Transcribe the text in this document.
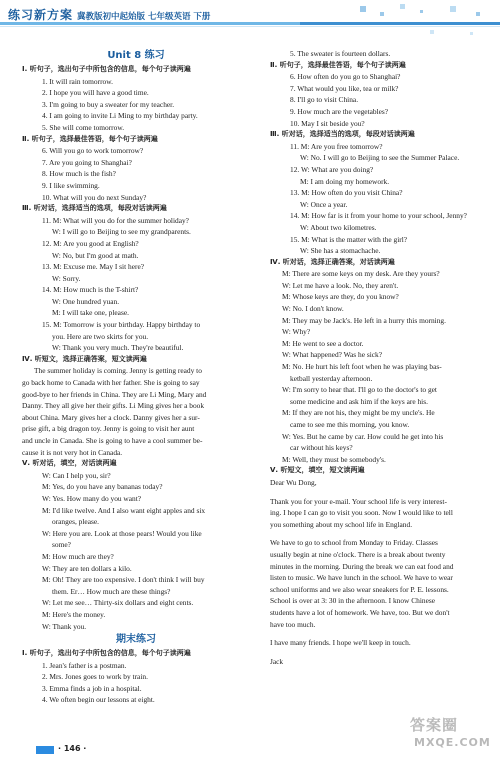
练习新方案 冀教版初中起始版 七年级英语 下册
Unit 8 练习
Ⅰ. 听句子，选出句子中所包含的信息，每个句子读两遍
1. It will rain tomorrow.
2. I hope you will have a good time.
3. I'm going to buy a sweater for my teacher.
4. I am going to invite Li Ming to my birthday party.
5. She will come tomorrow.
Ⅱ. 听句子，选择最佳答语，每个句子读两遍
6. Will you go to work tomorrow?
7. Are you going to Shanghai?
8. How much is the fish?
9. I like swimming.
10. What will you do next Sunday?
Ⅲ. 听对话，选择适当的选项，每段对话读两遍
11. M: What will you do for the summer holiday?
W: I will go to Beijing to see my grandparents.
12. M: Are you good at English?
W: No, but I'm good at math.
13. M: Excuse me. May I sit here?
W: Sorry.
14. M: How much is the T-shirt?
W: One hundred yuan.
M: I will take one, please.
15. M: Tomorrow is your birthday. Happy birthday to
you. Here are two skirts for you.
W: Thank you very much. They're beautiful.
Ⅳ. 听短文，选择正确答案，短文读两遍
The summer holiday is coming. Jenny is getting ready to
go back home to Canada with her father. She is going to say
good-bye to her friends in China. They are Li Ming, Mary and
Danny. They all give her their gifts. Li Ming gives her a book
about China. Mary gives her a clock. Danny gives her a sur-
prise gift, a big dragon toy. Jenny is going to visit her aunt
and uncle in Canada. She is going to have a cool summer be-
cause it is not very hot in Canada.
Ⅴ. 听对话，填空，对话读两遍
W: Can I help you, sir?
M: Yes, do you have any bananas today?
W: Yes. How many do you want?
M: I'd like twelve. And I also want eight apples and six
oranges, please.
W: Here you are. Look at those pears! Would you like
some?
M: How much are they?
W: They are ten dollars a kilo.
M: Oh! They are too expensive. I don't think I will buy
them. Er… How much are these things?
W: Let me see… Thirty-six dollars and eight cents.
M: Here's the money.
W: Thank you.
期末练习
Ⅰ. 听句子，选出句子中所包含的信息，每个句子读两遍
1. Jean's father is a postman.
2. Mrs. Jones goes to work by train.
3. Emma finds a job in a hospital.
4. We often begin our lessons at eight.
5. The sweater is fourteen dollars.
Ⅱ. 听句子，选择最佳答语，每个句子读两遍
6. How often do you go to Shanghai?
7. What would you like, tea or milk?
8. I'll go to visit China.
9. How much are the vegetables?
10. May I sit beside you?
Ⅲ. 听对话，选择适当的选项，每段对话读两遍
11. M: Are you free tomorrow?
W: No. I will go to Beijing to see the Summer Palace.
12. W: What are you doing?
M: I am doing my homework.
13. M: How often do you visit China?
W: Once a year.
14. M: How far is it from your home to your school, Jenny?
W: About two kilometres.
15. M: What is the matter with the girl?
W: She has a stomachache.
Ⅳ. 听对话，选择正确答案，对话读两遍
M: There are some keys on my desk. Are they yours?
W: Let me have a look. No, they aren't.
M: Whose keys are they, do you know?
W: No. I don't know.
M: They may be Jack's. He left in a hurry this morning.
W: Why?
M: He went to see a doctor.
W: What happened? Was he sick?
M: No. He hurt his left foot when he was playing bas-
ketball yesterday afternoon.
W: I'm sorry to hear that. I'll go to the doctor's to get
some medicine and ask him if the keys are his.
M: If they are not his, they might be my uncle's. He
came to see me this morning, you know.
W: Yes. But he came by car. How could he get into his
car without his keys?
M: Well, they must be somebody's.
Ⅴ. 听短文，填空，短文读两遍
Dear Wu Dong,
Thank you for your e-mail. Your school life is very interest-
ing. I hope I can go to visit you soon. Now I would like to tell
you something about my school life in England.
We have to go to school from Monday to Friday. Classes
usually begin at nine o'clock. There is a break about twenty
minutes in the morning. During the break we can eat food and
listen to music. We have lunch in the school. We have to wear
school uniforms and we also wear sneakers for P. E. lessons.
School is over at 3: 30 in the afternoon. I know Chinese
students have a lot of homework. We have, too. But we don't
have too much.
I have many friends. I hope we'll keep in touch.
Jack
· 146 ·
答案圈
MXQE.COM
